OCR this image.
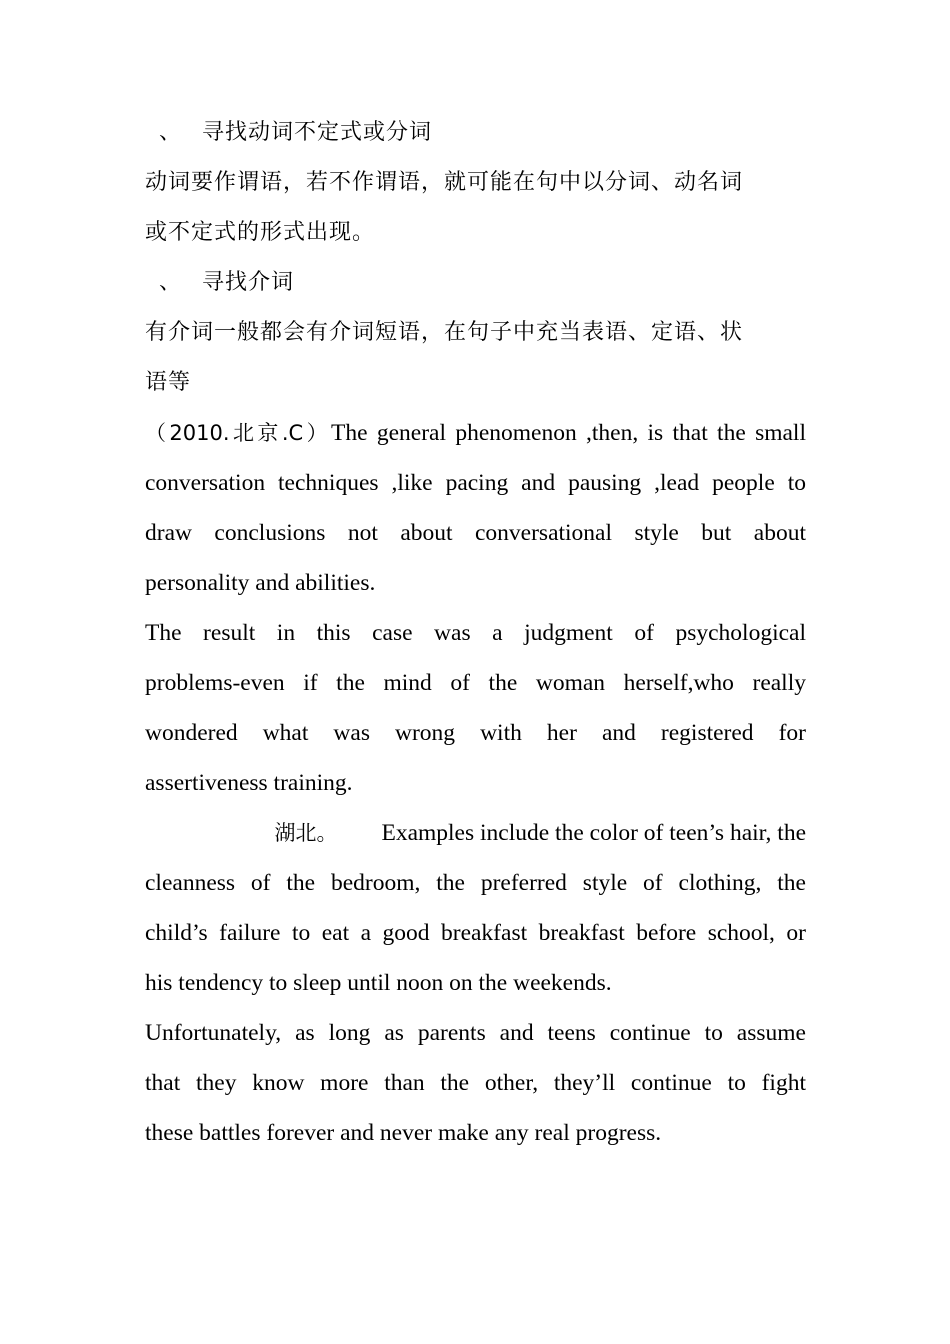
、 寻找动词不定式或分词
动词要作谓语，若不作谓语，就可能在句中以分词、动名词
或不定式的形式出现。
、 寻找介词
有介词一般都会有介词短语，在句子中充当表语、定语、状
语等
（2010.北京.C）The general phenomenon ,then, is that the small
conversation techniques ,like pacing and pausing ,lead people to
draw conclusions not about conversational style but about
personality and abilities.
The result in this case was a judgment of psychological
problems-even if the mind of the woman herself,who really
wondered what was wrong with her and registered for
assertiveness training.
湖北。 Examples include the color of teen’s hair, the
cleanness of the bedroom, the preferred style of clothing, the
child’s failure to eat a good breakfast breakfast before school, or
his tendency to sleep until noon on the weekends.
Unfortunately, as long as parents and teens continue to assume
that they know more than the other, they’ll continue to fight
these battles forever and never make any real progress.
